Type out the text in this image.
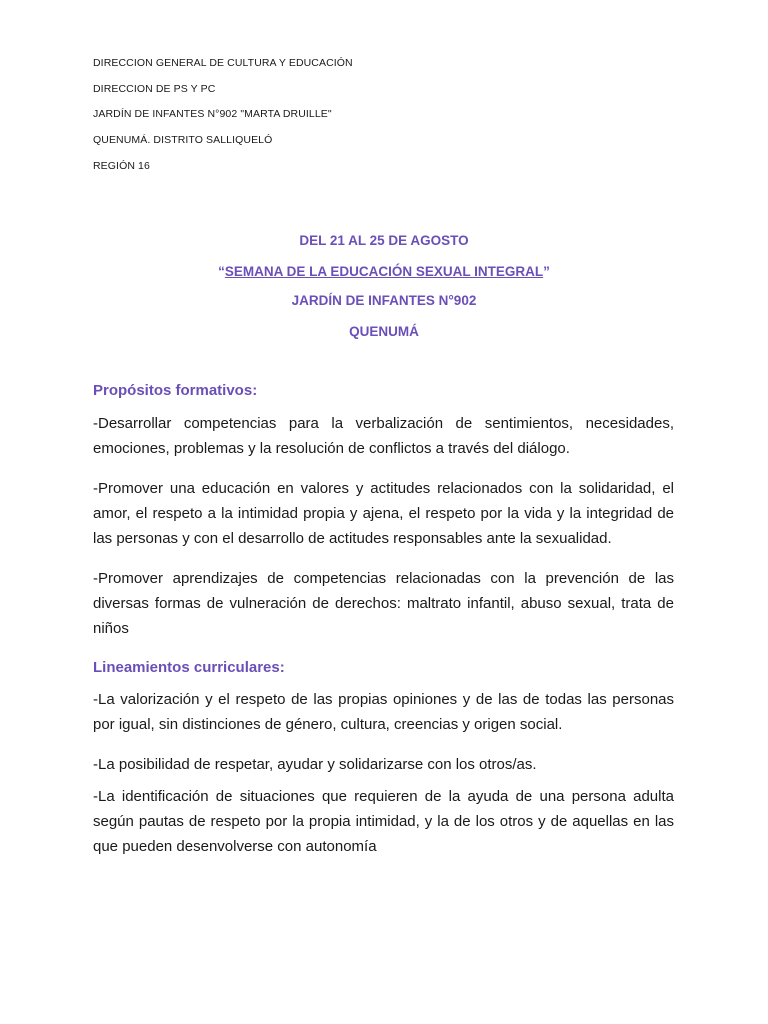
DIRECCION GENERAL DE CULTURA Y EDUCACIÓN
DIRECCION DE PS Y PC
JARDÍN DE INFANTES N°902 "MARTA DRUILLE"
QUENUMÁ. DISTRITO SALLIQUELÓ
REGIÓN 16
DEL 21 AL 25 DE AGOSTO
“SEMANA DE LA EDUCACIÓN SEXUAL INTEGRAL”
JARDÍN DE INFANTES N°902
QUENUMÁ
Propósitos formativos:
-Desarrollar competencias para la verbalización de sentimientos, necesidades, emociones, problemas y la resolución de conflictos a través del diálogo.
-Promover una educación en valores y actitudes relacionados con la solidaridad, el amor, el respeto a la intimidad propia y ajena, el respeto por la vida y la integridad de las personas y con el desarrollo de actitudes responsables ante la sexualidad.
-Promover aprendizajes de competencias relacionadas con la prevención de las diversas formas de vulneración de derechos: maltrato infantil, abuso sexual, trata de niños
Lineamientos curriculares:
-La valorización y el respeto de las propias opiniones y de las de todas las personas por igual, sin distinciones de género, cultura, creencias y origen social.
-La posibilidad de respetar, ayudar y solidarizarse con los otros/as.
-La identificación de situaciones que requieren de la ayuda de una persona adulta según pautas de respeto por la propia intimidad, y la de los otros y de aquellas en las que pueden desenvolverse con autonomía
